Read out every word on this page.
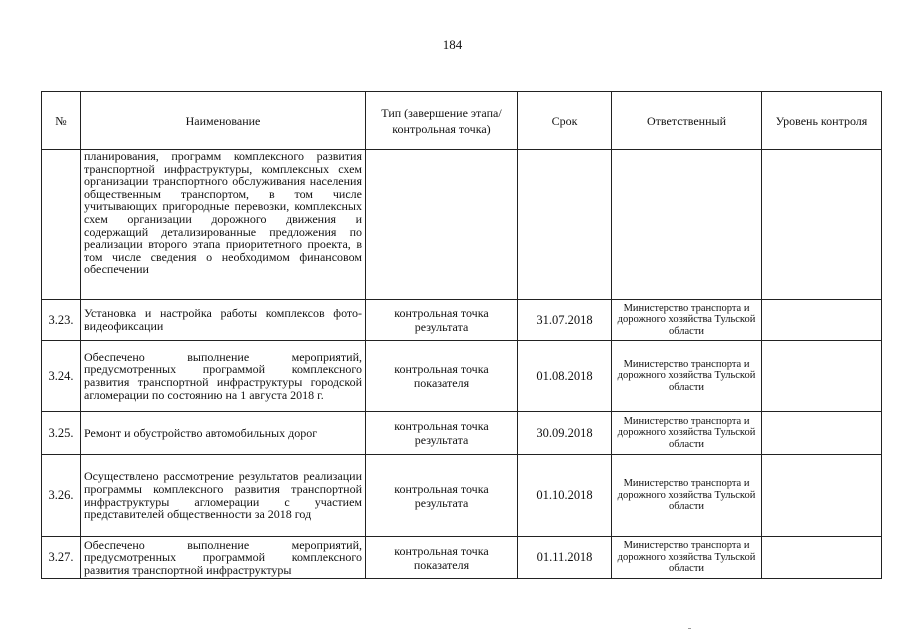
184
№	Наименование	Тип (завершение этапа/контрольная точка)	Срок	Ответственный	Уровень контроля
	планирования, программ комплексного развития транспортной инфраструктуры, комплексных схем организации транспортного обслуживания населения общественным транспортом, в том числе учитывающих пригородные перевозки, комплексных схем организации дорожного движения и содержащий детализированные предложения по реализации второго этапа приоритетного проекта, в том числе сведения о необходимом финансовом обеспечении				
3.23.	Установка и настройка работы комплексов фото-видеофиксации	контрольная точка результата	31.07.2018	Министерство транспорта и дорожного хозяйства Тульской области	
3.24.	Обеспечено выполнение мероприятий, предусмотренных программой комплексного развития транспортной инфраструктуры городской агломерации по состоянию на 1 августа 2018 г.	контрольная точка показателя	01.08.2018	Министерство транспорта и дорожного хозяйства Тульской области	
3.25.	Ремонт и обустройство автомобильных дорог	контрольная точка результата	30.09.2018	Министерство транспорта и дорожного хозяйства Тульской области	
3.26.	Осуществлено рассмотрение результатов реализации программы комплексного развития транспортной инфраструктуры агломерации с участием представителей общественности за 2018 год	контрольная точка результата	01.10.2018	Министерство транспорта и дорожного хозяйства Тульской области	
3.27.	Обеспечено выполнение мероприятий, предусмотренных программой комплексного развития транспортной инфраструктуры	контрольная точка показателя	01.11.2018	Министерство транспорта и дорожного хозяйства Тульской области	
